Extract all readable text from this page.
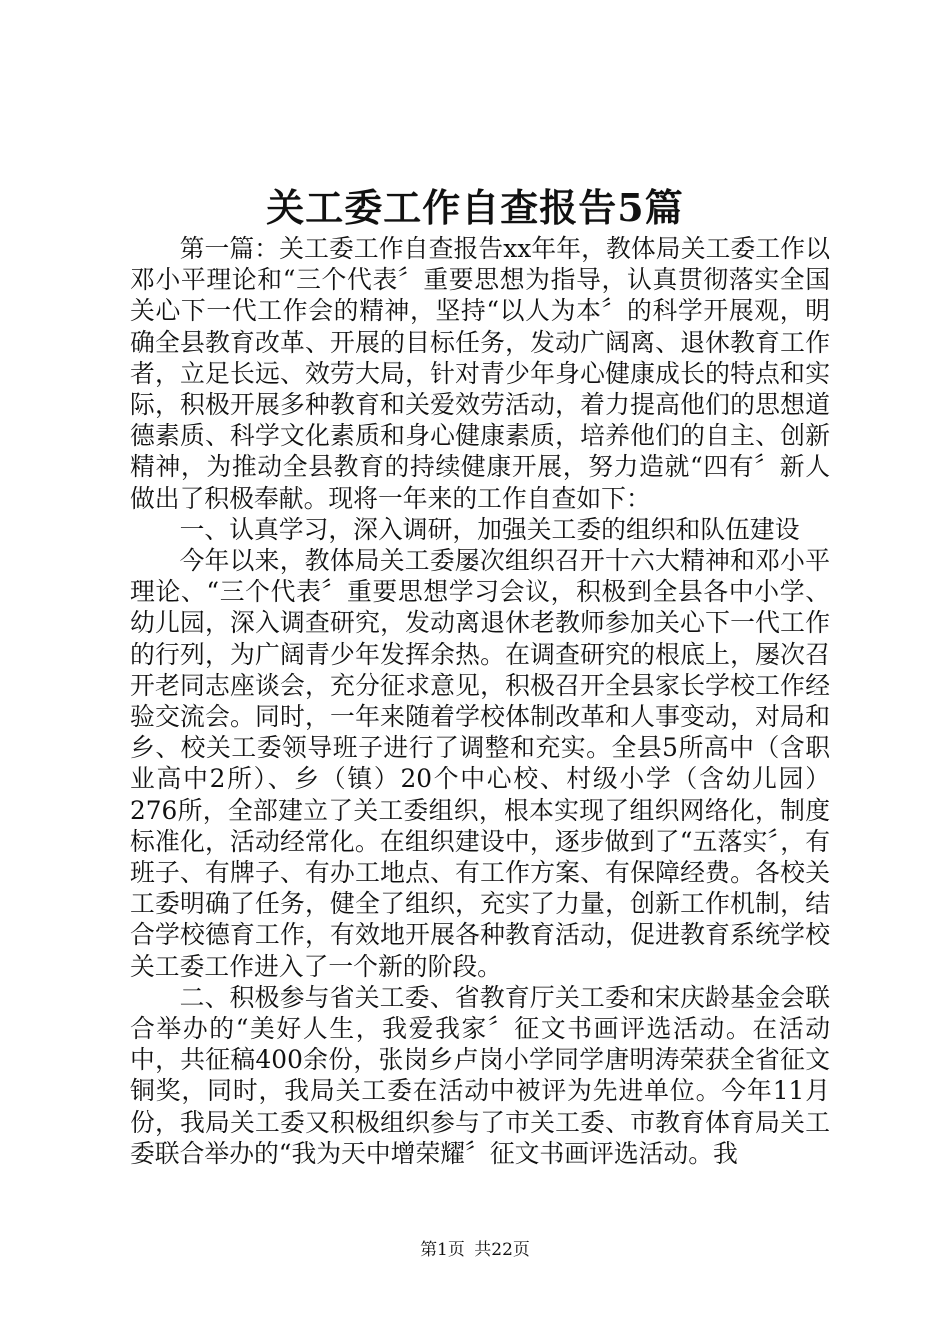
关工委工作自查报告5篇

第一篇：关工委工作自查报告xx年年，教体局关工委工作以邓小平理论和“三个代表〞重要思想为指导，认真贯彻落实全国关心下一代工作会的精神，坚持“以人为本〞的科学开展观，明确全县教育改革、开展的目标任务，发动广阔离、退休教育工作者，立足长远、效劳大局，针对青少年身心健康成长的特点和实际，积极开展多种教育和关爱效劳活动，着力提高他们的思想道德素质、科学文化素质和身心健康素质，培养他们的自主、创新精神，为推动全县教育的持续健康开展，努力造就“四有〞新人做出了积极奉献。现将一年来的工作自查如下：

一、认真学习，深入调研，加强关工委的组织和队伍建设

今年以来，教体局关工委屡次组织召开十六大精神和邓小平理论、“三个代表〞重要思想学习会议，积极到全县各中小学、幼儿园，深入调查研究，发动离退休老教师参加关心下一代工作的行列，为广阔青少年发挥余热。在调查研究的根底上，屡次召开老同志座谈会，充分征求意见，积极召开全县家长学校工作经验交流会。同时，一年来随着学校体制改革和人事变动，对局和乡、校关工委领导班子进行了调整和充实。全县5所高中（含职业高中2所）、乡（镇）20个中心校、村级小学（含幼儿园）276所，全部建立了关工委组织，根本实现了组织网络化，制度标准化，活动经常化。在组织建设中，逐步做到了“五落实〞，有班子、有牌子、有办工地点、有工作方案、有保障经费。各校关工委明确了任务，健全了组织，充实了力量，创新工作机制，结合学校德育工作，有效地开展各种教育活动，促进教育系统学校关工委工作进入了一个新的阶段。

二、积极参与省关工委、省教育厅关工委和宋庆龄基金会联合举办的“美好人生，我爱我家〞征文书画评选活动。在活动中，共征稿400余份，张岗乡卢岗小学同学唐明涛荣获全省征文铜奖，同时，我局关工委在活动中被评为先进单位。今年11月份，我局关工委又积极组织参与了市关工委、市教育体育局关工委联合举办的“我为天中增荣耀〞征文书画评选活动。我

第1页 共22页
